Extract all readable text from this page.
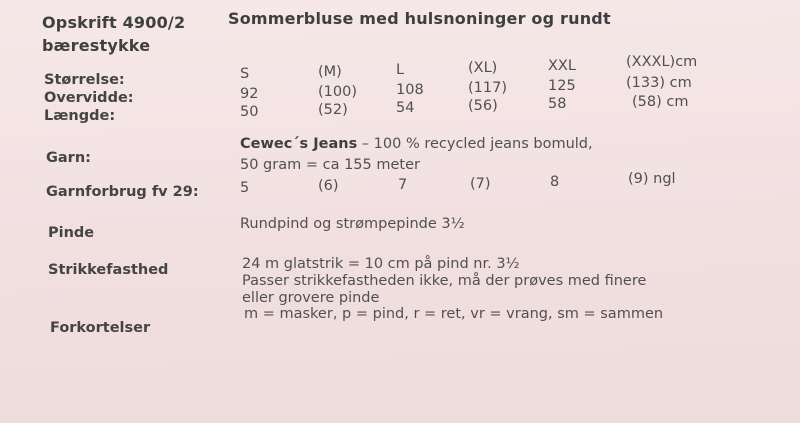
Opskrift 4900/2
bærestykke
Sommerbluse med hulsnoninger og rundt
Størrelse:	S	(M)	L	(XL)	XXL	(XXXL)cm
Overvidde:	92	(100)	108	(117)	125	(133) cm
Længde:	50	(52)	54	(56)	58	(58) cm
Garn:
Cewec´s Jeans – 100 % recycled jeans bomuld,
50 gram = ca 155 meter
Garnforbrug fv 29:	5	(6)	7	(7)	8	(9) ngl
Pinde
Rundpind og strømpepinde 3½
Strikkefasthed	24 m glatstrik = 10 cm på pind nr. 3½
Passer strikkefastheden ikke, må der prøves med finere
eller grovere pinde
Forkortelser
m = masker, p = pind, r = ret, vr = vrang, sm = sammen
